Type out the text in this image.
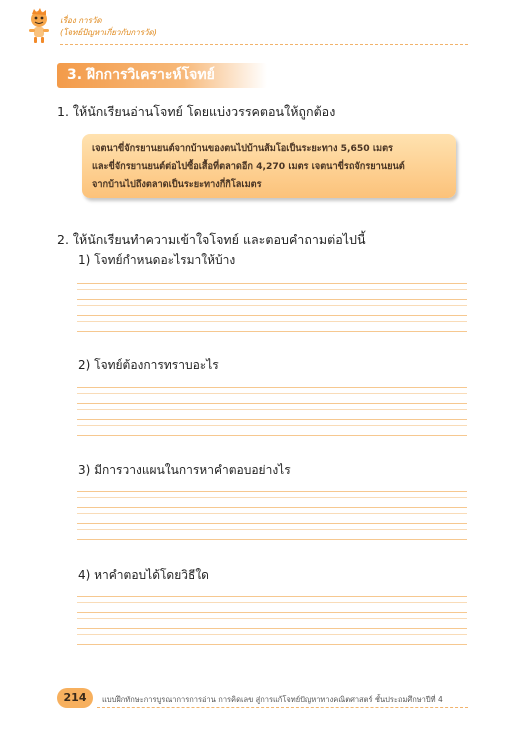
เรื่อง การวัด
(โจทย์ปัญหาเกี่ยวกับการวัด)
3. ฝึกการวิเคราะห์โจทย์
1. ให้นักเรียนอ่านโจทย์ โดยแบ่งวรรคตอนให้ถูกต้อง
เจตนาขี่จักรยานยนต์จากบ้านของตนไปบ้านส้มโอเป็นระยะทาง 5,650 เมตร
และขี่จักรยานยนต์ต่อไปซื้อเสื้อที่ตลาดอีก 4,270 เมตร เจตนาขี่รถจักรยานยนต์
จากบ้านไปถึงตลาดเป็นระยะทางกี่กิโลเมตร
2. ให้นักเรียนทำความเข้าใจโจทย์ และตอบคำถามต่อไปนี้
1) โจทย์กำหนดอะไรมาให้บ้าง
2) โจทย์ต้องการทราบอะไร
3) มีการวางแผนในการหาคำตอบอย่างไร
4) หาคำตอบได้โดยวิธีใด
214	แบบฝึกทักษะการบูรณาการการอ่าน การคิดเลข สู่การแก้โจทย์ปัญหาทางคณิตศาสตร์ ชั้นประถมศึกษาปีที่ 4
